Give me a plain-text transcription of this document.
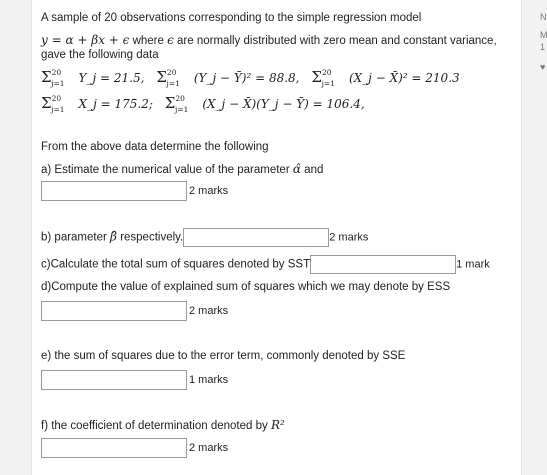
A sample of 20 observations corresponding to the simple regression model
y = α + βx + ϵ where ϵ are normally distributed with zero mean and constant variance,
gave the following data
$\Sigma^{20}_{j=1}$ Y_j = 21.5, $\Sigma^{20}_{j=1}$ (Y_j − Ȳ)² = 88.8, $\Sigma^{20}_{j=1}$ (X_j − X̄)² = 210.3
$\Sigma^{20}_{j=1}$ X_j = 175.2; $\Sigma^{20}_{j=1}$ (X_j − X̄)(Y_j − Ȳ) = 106.4,
From the above data determine the following
a) Estimate the numerical value of the parameter α̂ and
2 marks
b) parameter β̂ respectively.	2 marks
c)Calculate the total sum of squares denoted by SST	1 mark
d)Compute the value of explained sum of squares which we may denote by ESS
2 marks
e) the sum of squares due to the error term, commonly denoted by SSE
1 marks
f) the coefficient of determination denoted by R²
2 marks
N
M
1
♥
